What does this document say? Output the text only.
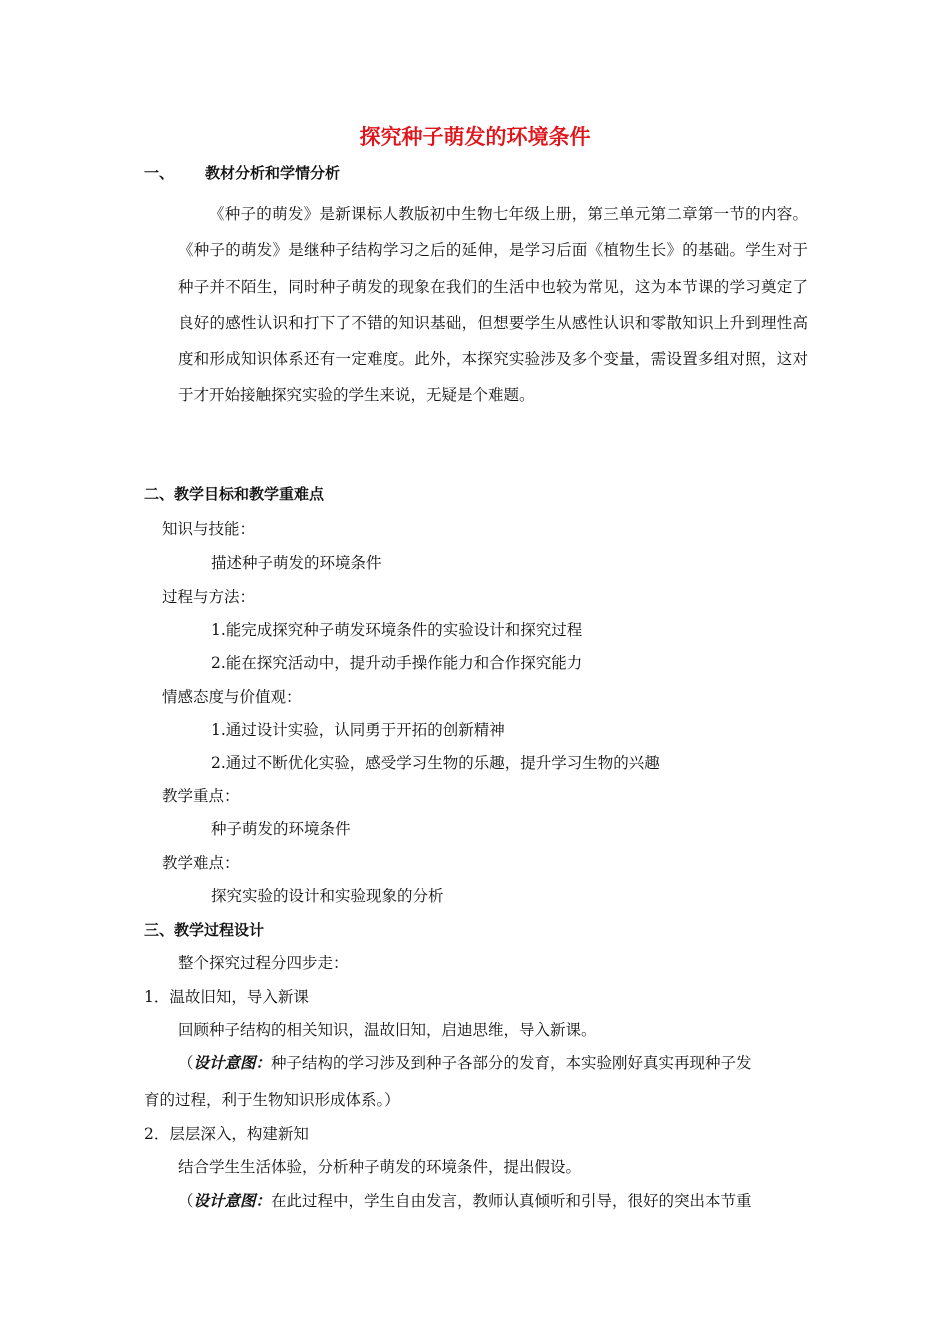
探究种子萌发的环境条件
一、 教材分析和学情分析
《种子的萌发》是新课标人教版初中生物七年级上册，第三单元第二章第一节的内容。《种子的萌发》是继种子结构学习之后的延伸，是学习后面《植物生长》的基础。学生对于种子并不陌生，同时种子萌发的现象在我们的生活中也较为常见，这为本节课的学习奠定了良好的感性认识和打下了不错的知识基础，但想要学生从感性认识和零散知识上升到理性高度和形成知识体系还有一定难度。此外，本探究实验涉及多个变量，需设置多组对照，这对于才开始接触探究实验的学生来说，无疑是个难题。
二、教学目标和教学重难点
知识与技能：
描述种子萌发的环境条件
过程与方法：
1.能完成探究种子萌发环境条件的实验设计和探究过程
2.能在探究活动中，提升动手操作能力和合作探究能力
情感态度与价值观：
1.通过设计实验，认同勇于开拓的创新精神
2.通过不断优化实验，感受学习生物的乐趣，提升学习生物的兴趣
教学重点：
种子萌发的环境条件
教学难点：
探究实验的设计和实验现象的分析
三、教学过程设计
整个探究过程分四步走：
1．温故旧知，导入新课
回顾种子结构的相关知识，温故旧知，启迪思维，导入新课。
（设计意图：种子结构的学习涉及到种子各部分的发育，本实验刚好真实再现种子发
育的过程，利于生物知识形成体系。）
2．层层深入，构建新知
结合学生生活体验，分析种子萌发的环境条件，提出假设。
（设计意图：在此过程中，学生自由发言，教师认真倾听和引导，很好的突出本节重
